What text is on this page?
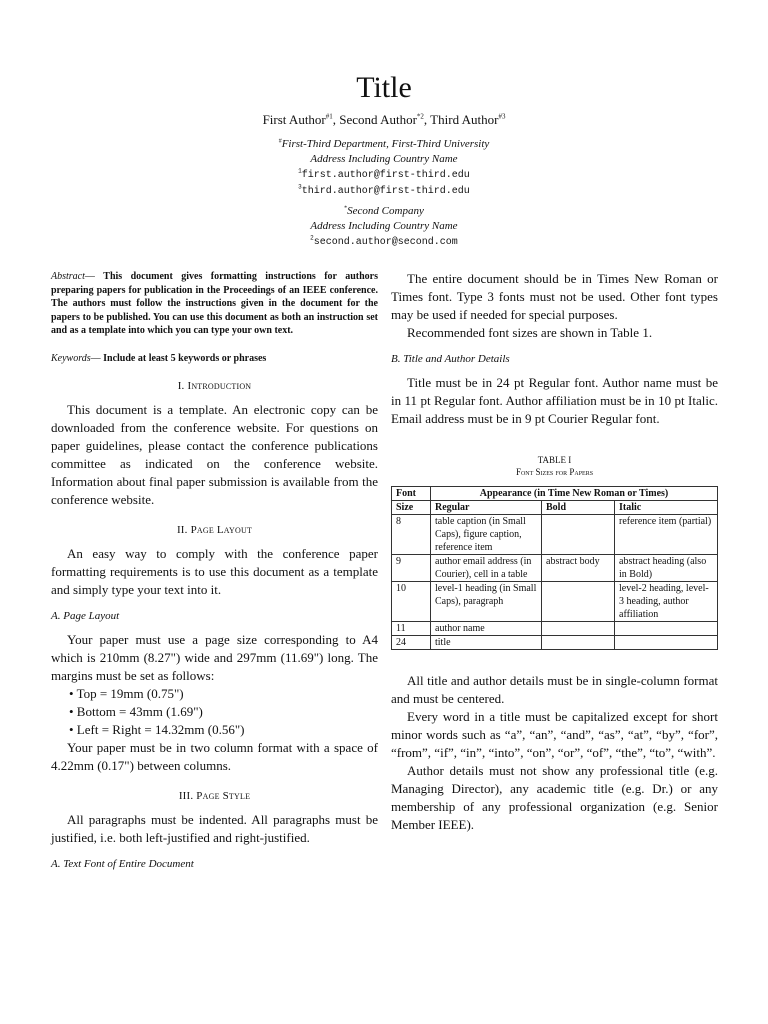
Title
First Author$^{\#1}$, Second Author$^{*2}$, Third Author$^{\#3}$
#First-Third Department, First-Third University
Address Including Country Name
$^1$first.author@first-third.edu
$^3$third.author@first-third.edu
*Second Company
Address Including Country Name
$^2$second.author@second.com

Abstract— This document gives formatting instructions for authors preparing papers for publication in the Proceedings of an IEEE conference. The authors must follow the instructions given in the document for the papers to be published. You can use this document as both an instruction set and as a template into which you can type your own text.

Keywords— Include at least 5 keywords or phrases

I. Introduction

This document is a template. An electronic copy can be downloaded from the conference website. For questions on paper guidelines, please contact the conference publications committee as indicated on the conference website. Information about final paper submission is available from the conference website.

II. Page Layout

An easy way to comply with the conference paper formatting requirements is to use this document as a template and simply type your text into it.

A. Page Layout

Your paper must use a page size corresponding to A4 which is 210mm (8.27") wide and 297mm (11.69") long. The margins must be set as follows:

• Top = 19mm (0.75")

• Bottom = 43mm (1.69")

• Left = Right = 14.32mm (0.56")

Your paper must be in two column format with a space of 4.22mm (0.17") between columns.

III. Page Style

All paragraphs must be indented. All paragraphs must be justified, i.e. both left-justified and right-justified.

A. Text Font of Entire Document

The entire document should be in Times New Roman or Times font. Type 3 fonts must not be used. Other font types may be used if needed for special purposes.

Recommended font sizes are shown in Table 1.

B. Title and Author Details

Title must be in 24 pt Regular font. Author name must be in 11 pt Regular font. Author affiliation must be in 10 pt Italic. Email address must be in 9 pt Courier Regular font.

TABLE I
Font Sizes for Papers
Font	Appearance (in Time New Roman or Times)		
Size	Regular	Bold	Italic
8	table caption (in Small Caps), figure caption, reference item		reference item (partial)
9	author email address (in Courier), cell in a table	abstract body	abstract heading (also in Bold)
10	level-1 heading (in Small Caps), paragraph		level-2 heading, level-3 heading, author affiliation
11	author name		
24	title		

All title and author details must be in single-column format and must be centered.

Every word in a title must be capitalized except for short minor words such as “a”, “an”, “and”, “as”, “at”, “by”, “for”, “from”, “if”, “in”, “into”, “on”, “or”, “of”, “the”, “to”, “with”.

Author details must not show any professional title (e.g. Managing Director), any academic title (e.g. Dr.) or any membership of any professional organization (e.g. Senior Member IEEE).
